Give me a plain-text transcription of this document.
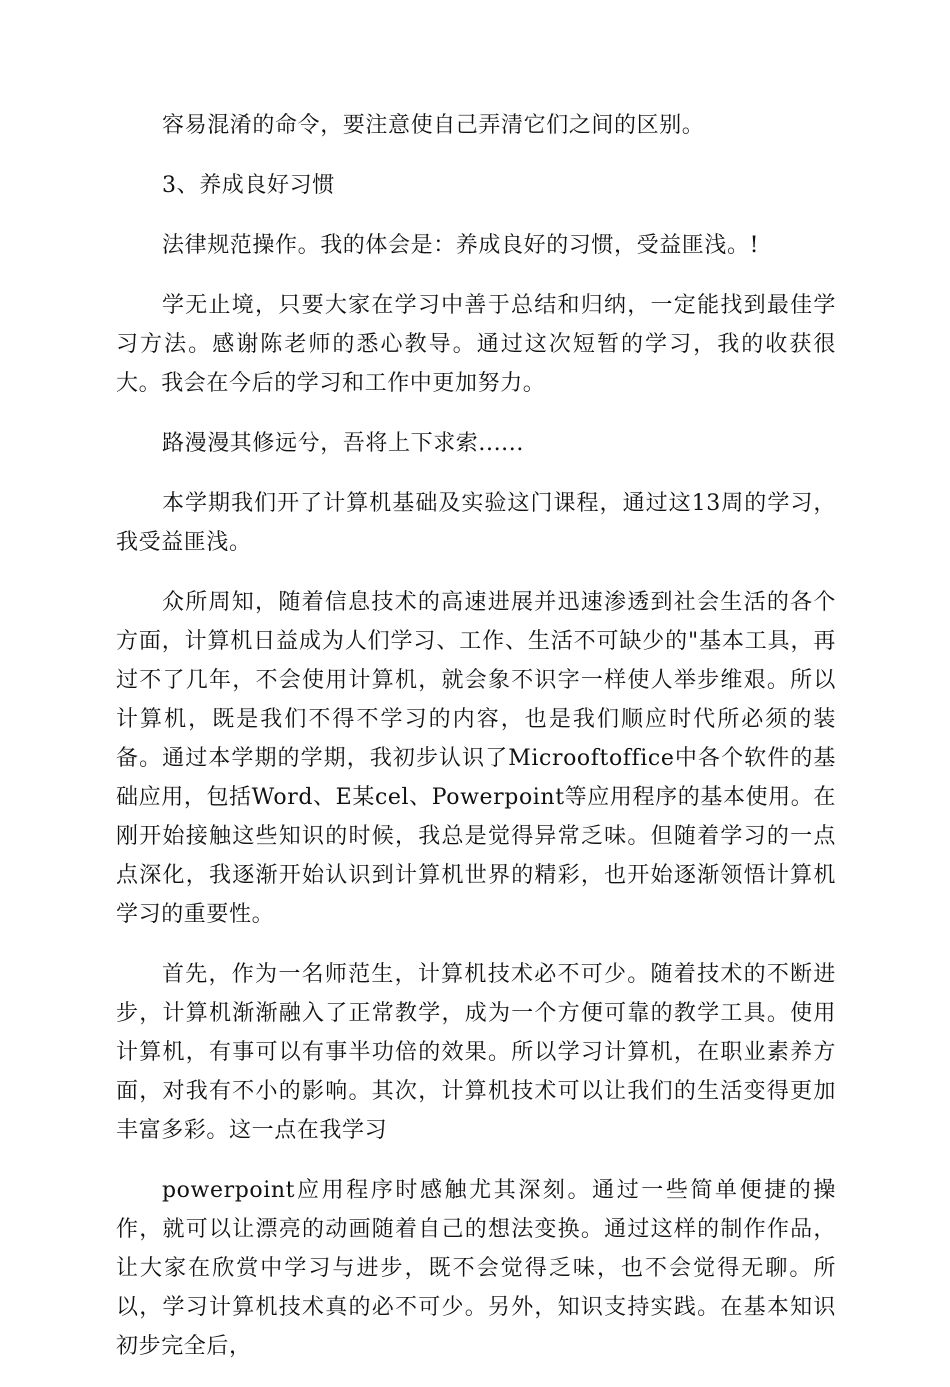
容易混淆的命令，要注意使自己弄清它们之间的区别。

3、养成良好习惯

法律规范操作。我的体会是：养成良好的习惯，受益匪浅。!

学无止境，只要大家在学习中善于总结和归纳，一定能找到最佳学习方法。感谢陈老师的悉心教导。通过这次短暂的学习，我的收获很大。我会在今后的学习和工作中更加努力。

路漫漫其修远兮，吾将上下求索......

本学期我们开了计算机基础及实验这门课程，通过这13周的学习，我受益匪浅。

众所周知，随着信息技术的高速进展并迅速渗透到社会生活的各个方面，计算机日益成为人们学习、工作、生活不可缺少的"基本工具，再过不了几年，不会使用计算机，就会象不识字一样使人举步维艰。所以计算机，既是我们不得不学习的内容，也是我们顺应时代所必须的装备。通过本学期的学期，我初步认识了Microoftoffice中各个软件的基础应用，包括Word、E某cel、Powerpoint等应用程序的基本使用。在刚开始接触这些知识的时候，我总是觉得异常乏味。但随着学习的一点点深化，我逐渐开始认识到计算机世界的精彩，也开始逐渐领悟计算机学习的重要性。

首先，作为一名师范生，计算机技术必不可少。随着技术的不断进步，计算机渐渐融入了正常教学，成为一个方便可靠的教学工具。使用计算机，有事可以有事半功倍的效果。所以学习计算机，在职业素养方面，对我有不小的影响。其次，计算机技术可以让我们的生活变得更加丰富多彩。这一点在我学习

powerpoint应用程序时感触尤其深刻。通过一些简单便捷的操作，就可以让漂亮的动画随着自己的想法变换。通过这样的制作作品，让大家在欣赏中学习与进步，既不会觉得乏味，也不会觉得无聊。所以，学习计算机技术真的必不可少。另外，知识支持实践。在基本知识初步完全后，
